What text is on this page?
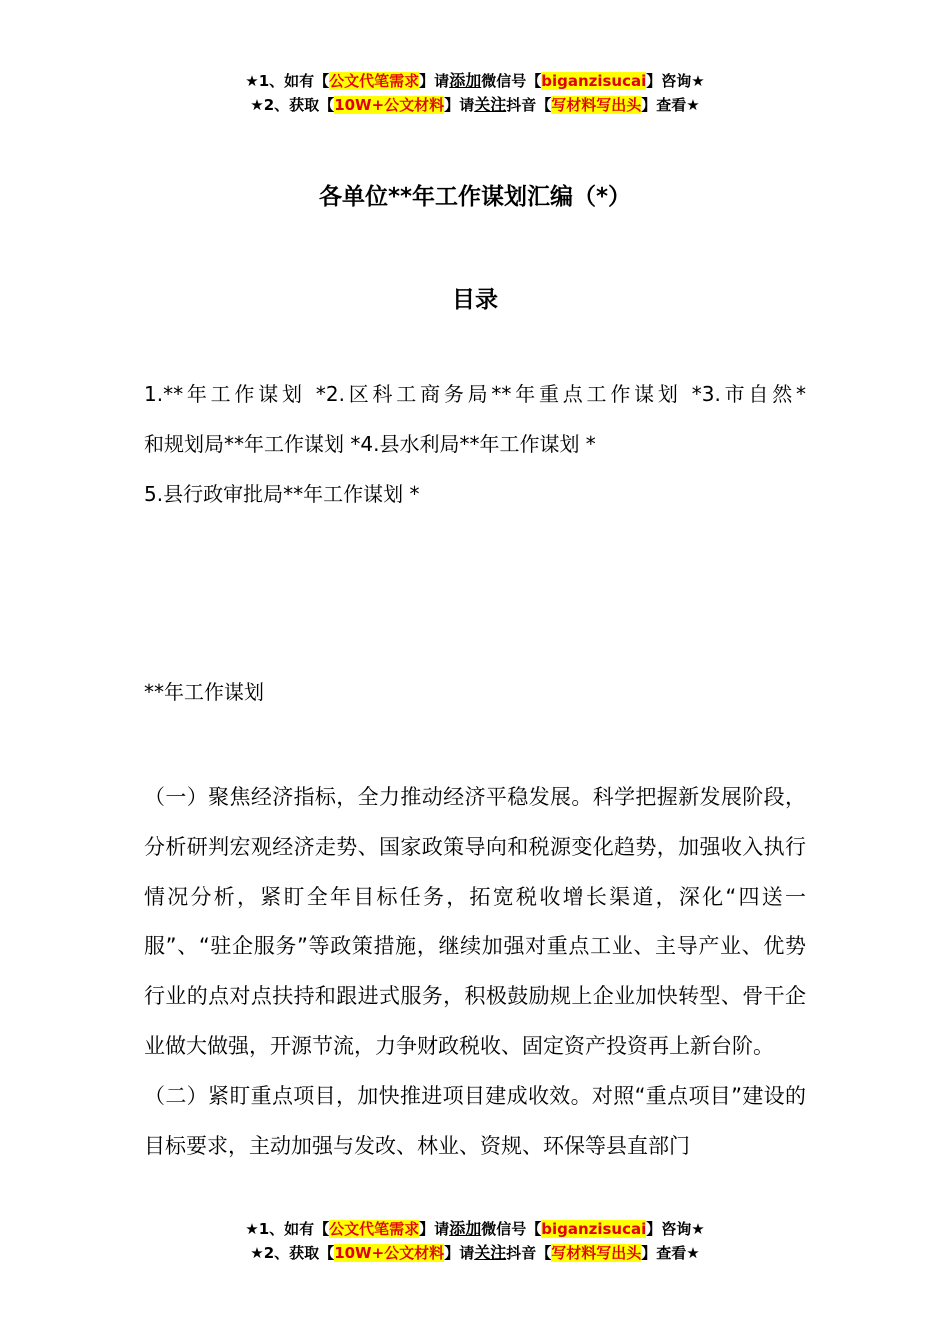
★1、如有【公文代笔需求】请添加微信号【biganzisucai】咨询★
★2、获取【10W+公文材料】请关注抖音【写材料写出头】查看★
各单位**年工作谋划汇编（*）
目录
1.**年工作谋划 *2.区科工商务局**年重点工作谋划 *3.市自然*
和规划局**年工作谋划 *4.县水利局**年工作谋划 *
5.县行政审批局**年工作谋划 *
**年工作谋划

（一）聚焦经济指标，全力推动经济平稳发展。科学把握新发展阶段，分析研判宏观经济走势、国家政策导向和税源变化趋势，加强收入执行情况分析，紧盯全年目标任务，拓宽税收增长渠道，深化“四送一服”、“驻企服务”等政策措施，继续加强对重点工业、主导产业、优势行业的点对点扶持和跟进式服务，积极鼓励规上企业加快转型、骨干企业做大做强，开源节流，力争财政税收、固定资产投资再上新台阶。

（二）紧盯重点项目，加快推进项目建成收效。对照“重点项目”建设的目标要求，主动加强与发改、林业、资规、环保等县直部门

★1、如有【公文代笔需求】请添加微信号【biganzisucai】咨询★
★2、获取【10W+公文材料】请关注抖音【写材料写出头】查看★
